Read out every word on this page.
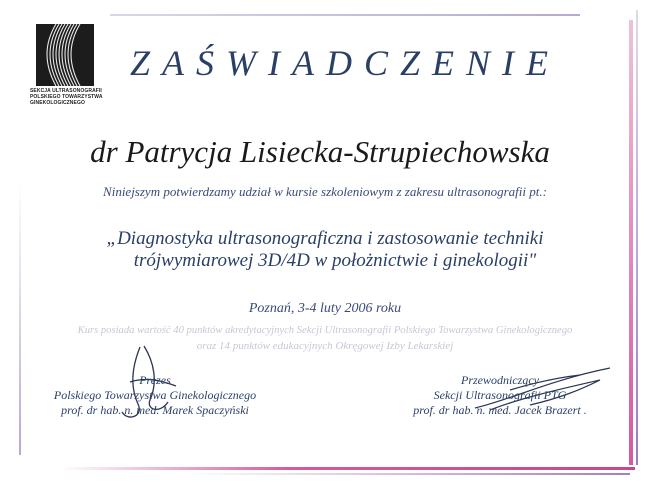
SEKCJA ULTRASONOGRAFII
POLSKIEGO TOWARZYSTWA
GINEKOLOGICZNEGO
ZAŚWIADCZENIE
dr Patrycja Lisiecka-Strupiechowska
Niniejszym potwierdzamy udział w kursie szkoleniowym z zakresu ultrasonografii pt.:
„Diagnostyka ultrasonograficzna i zastosowanie techniki
trójwymiarowej 3D/4D w położnictwie i ginekologii"
Poznań, 3-4 luty 2006 roku
Kurs posiada wartość 40 punktów akredytacyjnych Sekcji Ultrasonografii Polskiego Towarzystwa Ginekologicznego
oraz 14 punktów edukacyjnych Okręgowej Izby Lekarskiej
Prezes
Polskiego Towarzystwa Ginekologicznego
prof. dr hab. n. med. Marek Spaczyński
Przewodniczący
Sekcji Ultrasonografii PTG
prof. dr hab. n. med. Jacek Brazert .
